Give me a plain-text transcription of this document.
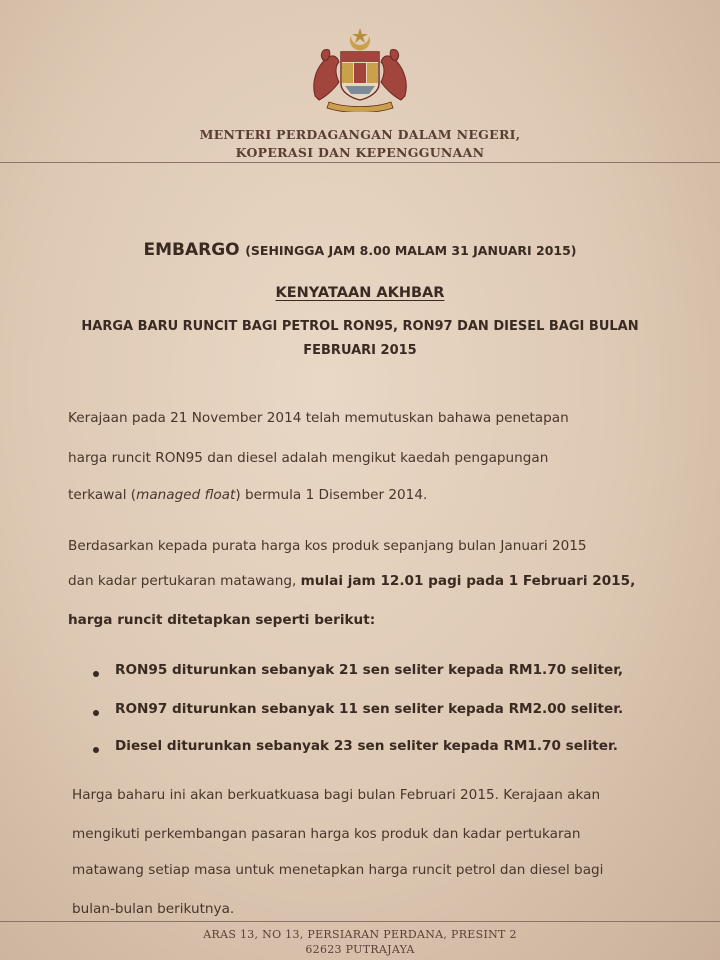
MENTERI PERDAGANGAN DALAM NEGERI,
KOPERASI DAN KEPENGGUNAAN
EMBARGO (SEHINGGA JAM 8.00 MALAM 31 JANUARI 2015)
KENYATAAN AKHBAR
HARGA BARU RUNCIT BAGI PETROL RON95, RON97 DAN DIESEL BAGI BULAN
FEBRUARI 2015
Kerajaan pada 21 November 2014 telah memutuskan bahawa penetapan
harga runcit RON95 dan diesel adalah mengikut kaedah pengapungan
terkawal (managed float) bermula 1 Disember 2014.
Berdasarkan kepada purata harga kos produk sepanjang bulan Januari 2015
dan kadar pertukaran matawang, mulai jam 12.01 pagi pada 1 Februari 2015,
harga runcit ditetapkan seperti berikut:
RON95 diturunkan sebanyak 21 sen seliter kepada RM1.70 seliter,
RON97 diturunkan sebanyak 11 sen seliter kepada RM2.00 seliter.
Diesel diturunkan sebanyak 23 sen seliter kepada RM1.70 seliter.
Harga baharu ini akan berkuatkuasa bagi bulan Februari 2015. Kerajaan akan
mengikuti perkembangan pasaran harga kos produk dan kadar pertukaran
matawang setiap masa untuk menetapkan harga runcit petrol dan diesel bagi
bulan-bulan berikutnya.
ARAS 13, NO 13, PERSIARAN PERDANA, PRESINT 2
62623 PUTRAJAYA
